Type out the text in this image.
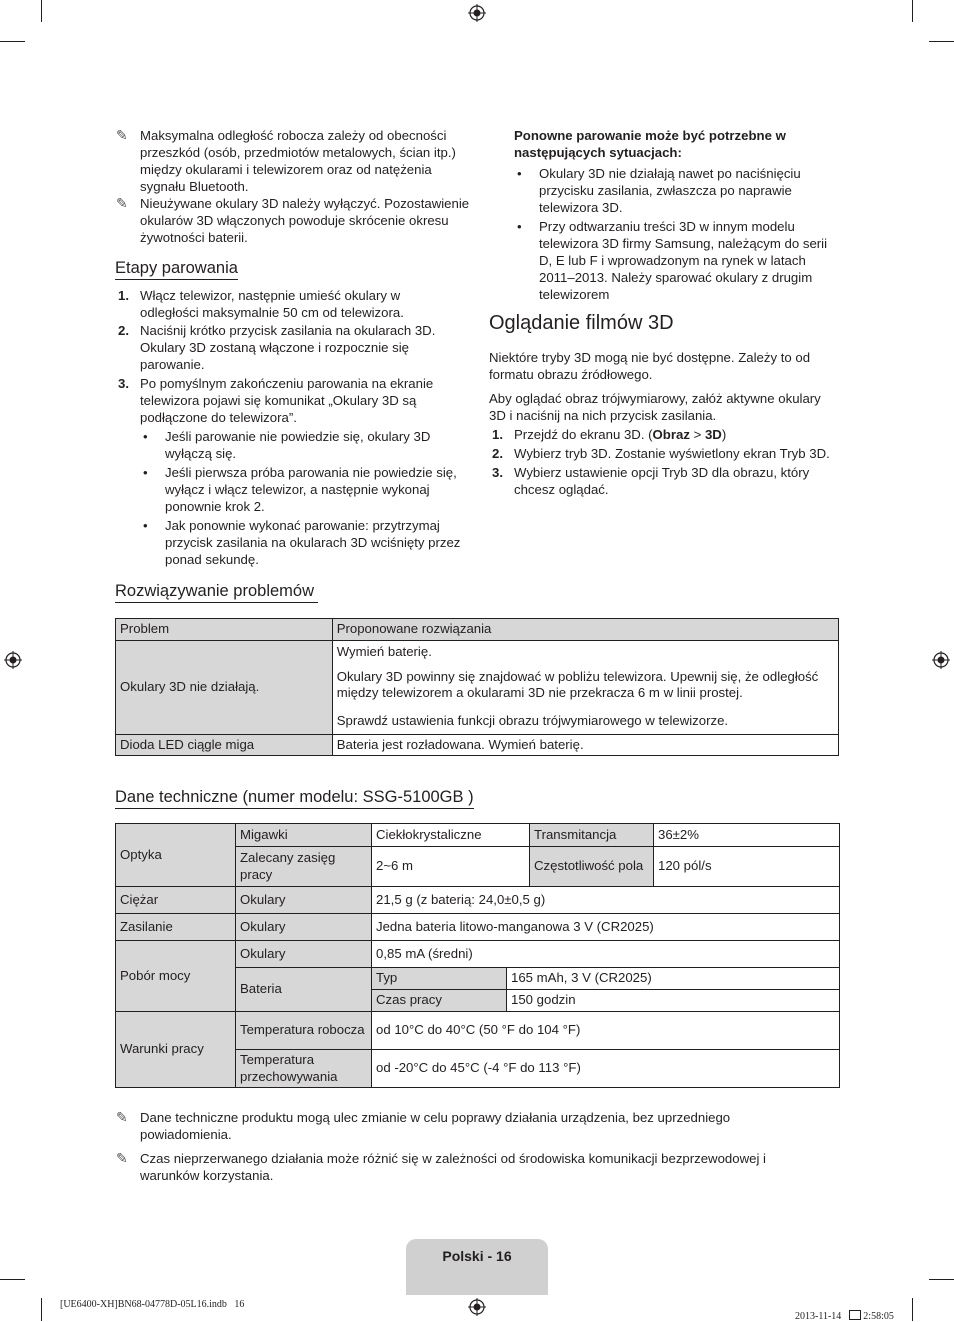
✎ Maksymalna odległość robocza zależy od obecności przeszkód (osób, przedmiotów metalowych, ścian itp.) między okularami i telewizorem oraz od natężenia sygnału Bluetooth.
✎ Nieużywane okulary 3D należy wyłączyć. Pozostawienie okularów 3D włączonych powoduje skrócenie okresu żywotności baterii.
Etapy parowania
1. Włącz telewizor, następnie umieść okulary w odległości maksymalnie 50 cm od telewizora.
2. Naciśnij krótko przycisk zasilania na okularach 3D. Okulary 3D zostaną włączone i rozpocznie się parowanie.
3. Po pomyślnym zakończeniu parowania na ekranie telewizora pojawi się komunikat „Okulary 3D są podłączone do telewizora”.
• Jeśli parowanie nie powiedzie się, okulary 3D wyłączą się.
• Jeśli pierwsza próba parowania nie powiedzie się, wyłącz i włącz telewizor, a następnie wykonaj ponownie krok 2.
• Jak ponownie wykonać parowanie: przytrzymaj przycisk zasilania na okularach 3D wciśnięty przez ponad sekundę.
Ponowne parowanie może być potrzebne w następujących sytuacjach:
• Okulary 3D nie działają nawet po naciśnięciu przycisku zasilania, zwłaszcza po naprawie telewizora 3D.
• Przy odtwarzaniu treści 3D w innym modelu telewizora 3D firmy Samsung, należącym do serii D, E lub F i wprowadzonym na rynek w latach 2011–2013. Należy sparować okulary z drugim telewizorem
Oglądanie filmów 3D
Niektóre tryby 3D mogą nie być dostępne. Zależy to od formatu obrazu źródłowego.
Aby oglądać obraz trójwymiarowy, załóż aktywne okulary 3D i naciśnij na nich przycisk zasilania.
1. Przejdź do ekranu 3D. (Obraz > 3D)
2. Wybierz tryb 3D. Zostanie wyświetlony ekran Tryb 3D.
3. Wybierz ustawienie opcji Tryb 3D dla obrazu, który chcesz oglądać.
Rozwiązywanie problemów
Problem	Proponowane rozwiązania
Okulary 3D nie działają.	Wymień baterię.
Okulary 3D powinny się znajdować w pobliżu telewizora. Upewnij się, że odległość między telewizorem a okularami 3D nie przekracza 6 m w linii prostej.
Sprawdź ustawienia funkcji obrazu trójwymiarowego w telewizorze.

Dioda LED ciągle miga	Bateria jest rozładowana. Wymień baterię.
Dane techniczne (numer modelu: SSG-5100GB )
Optyka	Migawki	Ciekłokrystaliczne		Transmitancja	36±2%
	Zalecany zasięg pracy	2~6 m		Częstotliwość pola	120 pól/s
Ciężar	Okulary	21,5 g (z baterią: 24,0±0,5 g)			
Zasilanie	Okulary	Jedna bateria litowo-manganowa 3 V (CR2025)			
Pobór mocy	Okulary	0,85 mA (średni)			
	Bateria	Typ	165 mAh, 3 V (CR2025)		
		Czas pracy	150 godzin		
Warunki pracy	Temperatura robocza	od 10°C do 40°C (50 °F do 104 °F)			
	Temperatura przechowywania	od -20°C do 45°C (-4 °F do 113 °F)			
✎ Dane techniczne produktu mogą ulec zmianie w celu poprawy działania urządzenia, bez uprzedniego powiadomienia.
✎ Czas nieprzerwanego działania może różnić się w zależności od środowiska komunikacji bezprzewodowej i warunków korzystania.
Polski - 16
[UE6400-XH]BN68-04778D-05L16.indb   16

2013-11-14    2:58:05
